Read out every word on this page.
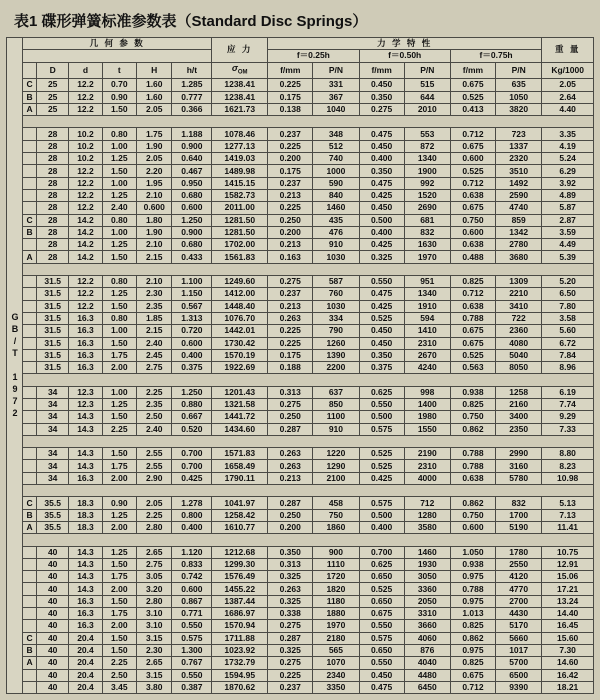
表1 碟形弹簧标准参数表（Standard Disc Springs）
GB/T 1972	几 何 参 数						应 力	力 学 特 性						重 量
								f＝0.25h		f＝0.50h		f＝0.75h		
		D	d	t	H	h/t	$\sigma_{OM}$	f/mm	P/N	f/mm	P/N	f/mm	P/N	Kg/1000
	C	25	12.2	0.70	1.60	1.285	1238.41	0.225	331	0.450	515	0.675	635	2.05
	B	25	12.2	0.90	1.60	0.777	1238.41	0.175	367	0.350	644	0.525	1050	2.64
	A	25	12.2	1.50	2.05	0.366	1621.73	0.138	1040	0.275	2010	0.413	3820	4.40

		28	10.2	0.80	1.75	1.188	1078.46	0.237	348	0.475	553	0.712	723	3.35
		28	10.2	1.00	1.90	0.900	1277.13	0.225	512	0.450	872	0.675	1337	4.19
		28	10.2	1.25	2.05	0.640	1419.03	0.200	740	0.400	1340	0.600	2320	5.24
		28	12.2	1.50	2.20	0.467	1489.98	0.175	1000	0.350	1900	0.525	3510	6.29
		28	12.2	1.00	1.95	0.950	1415.15	0.237	590	0.475	992	0.712	1492	3.92
		28	12.2	1.25	2.10	0.680	1582.73	0.213	840	0.425	1520	0.638	2590	4.89
		28	12.2	2.40	0.600	0.600	2011.00	0.225	1460	0.450	2690	0.675	4740	5.87
	C	28	14.2	0.80	1.80	1.250	1281.50	0.250	435	0.500	681	0.750	859	2.87
	B	28	14.2	1.00	1.90	0.900	1281.50	0.200	476	0.400	832	0.600	1342	3.59
		28	14.2	1.25	2.10	0.680	1702.00	0.213	910	0.425	1630	0.638	2780	4.49
	A	28	14.2	1.50	2.15	0.433	1561.83	0.163	1030	0.325	1970	0.488	3680	5.39

		31.5	12.2	0.80	2.10	1.100	1249.60	0.275	587	0.550	951	0.825	1309	5.20
		31.5	12.2	1.25	2.30	1.150	1412.00	0.237	760	0.475	1340	0.712	2210	6.50
		31.5	12.2	1.50	2.35	0.567	1448.40	0.213	1030	0.425	1910	0.638	3410	7.80
		31.5	16.3	0.80	1.85	1.313	1076.70	0.263	334	0.525	594	0.788	722	3.58
		31.5	16.3	1.00	2.15	0.720	1442.01	0.225	790	0.450	1410	0.675	2360	5.60
		31.5	16.3	1.50	2.40	0.600	1730.42	0.225	1260	0.450	2310	0.675	4080	6.72
		31.5	16.3	1.75	2.45	0.400	1570.19	0.175	1390	0.350	2670	0.525	5040	7.84
		31.5	16.3	2.00	2.75	0.375	1922.69	0.188	2200	0.375	4240	0.563	8050	8.96

		34	12.3	1.00	2.25	1.250	1201.43	0.313	637	0.625	998	0.938	1258	6.19
		34	12.3	1.25	2.35	0.880	1321.58	0.275	850	0.550	1400	0.825	2160	7.74
		34	14.3	1.50	2.50	0.667	1441.72	0.250	1100	0.500	1980	0.750	3400	9.29
		34	14.3	2.25	2.40	0.520	1434.60	0.287	910	0.575	1550	0.862	2350	7.33

		34	14.3	1.50	2.55	0.700	1571.83	0.263	1220	0.525	2190	0.788	2990	8.80
		34	14.3	1.75	2.55	0.700	1658.49	0.263	1290	0.525	2310	0.788	3160	8.23
		34	16.3	2.00	2.90	0.425	1790.11	0.213	2100	0.425	4000	0.638	5780	10.98

	C	35.5	18.3	0.90	2.05	1.278	1041.97	0.287	458	0.575	712	0.862	832	5.13
	B	35.5	18.3	1.25	2.25	0.800	1258.42	0.250	750	0.500	1280	0.750	1700	7.13
	A	35.5	18.3	2.00	2.80	0.400	1610.77	0.200	1860	0.400	3580	0.600	5190	11.41

		40	14.3	1.25	2.65	1.120	1212.68	0.350	900	0.700	1460	1.050	1780	10.75
		40	14.3	1.50	2.75	0.833	1299.30	0.313	1110	0.625	1930	0.938	2550	12.91
		40	14.3	1.75	3.05	0.742	1576.49	0.325	1720	0.650	3050	0.975	4120	15.06
		40	14.3	2.00	3.20	0.600	1455.22	0.263	1820	0.525	3360	0.788	4770	17.21
		40	16.3	1.50	2.80	0.867	1387.44	0.325	1180	0.650	2050	0.975	2700	13.24
		40	16.3	1.75	3.10	0.771	1686.97	0.338	1880	0.675	3310	1.013	4430	14.40
		40	16.3	2.00	3.10	0.550	1570.94	0.275	1970	0.550	3660	0.825	5170	16.45
	C	40	20.4	1.50	3.15	0.575	1711.88	0.287	2180	0.575	4060	0.862	5660	15.60
	B	40	20.4	1.50	2.30	1.300	1023.92	0.325	565	0.650	876	0.975	1017	7.30
	A	40	20.4	2.25	2.65	0.767	1732.79	0.275	1070	0.550	4040	0.825	5700	14.60
		40	20.4	2.50	3.15	0.550	1594.95	0.225	2340	0.450	4480	0.675	6500	16.42
		40	20.4	3.45	3.80	0.387	1870.62	0.237	3350	0.475	6450	0.712	9390	18.21
